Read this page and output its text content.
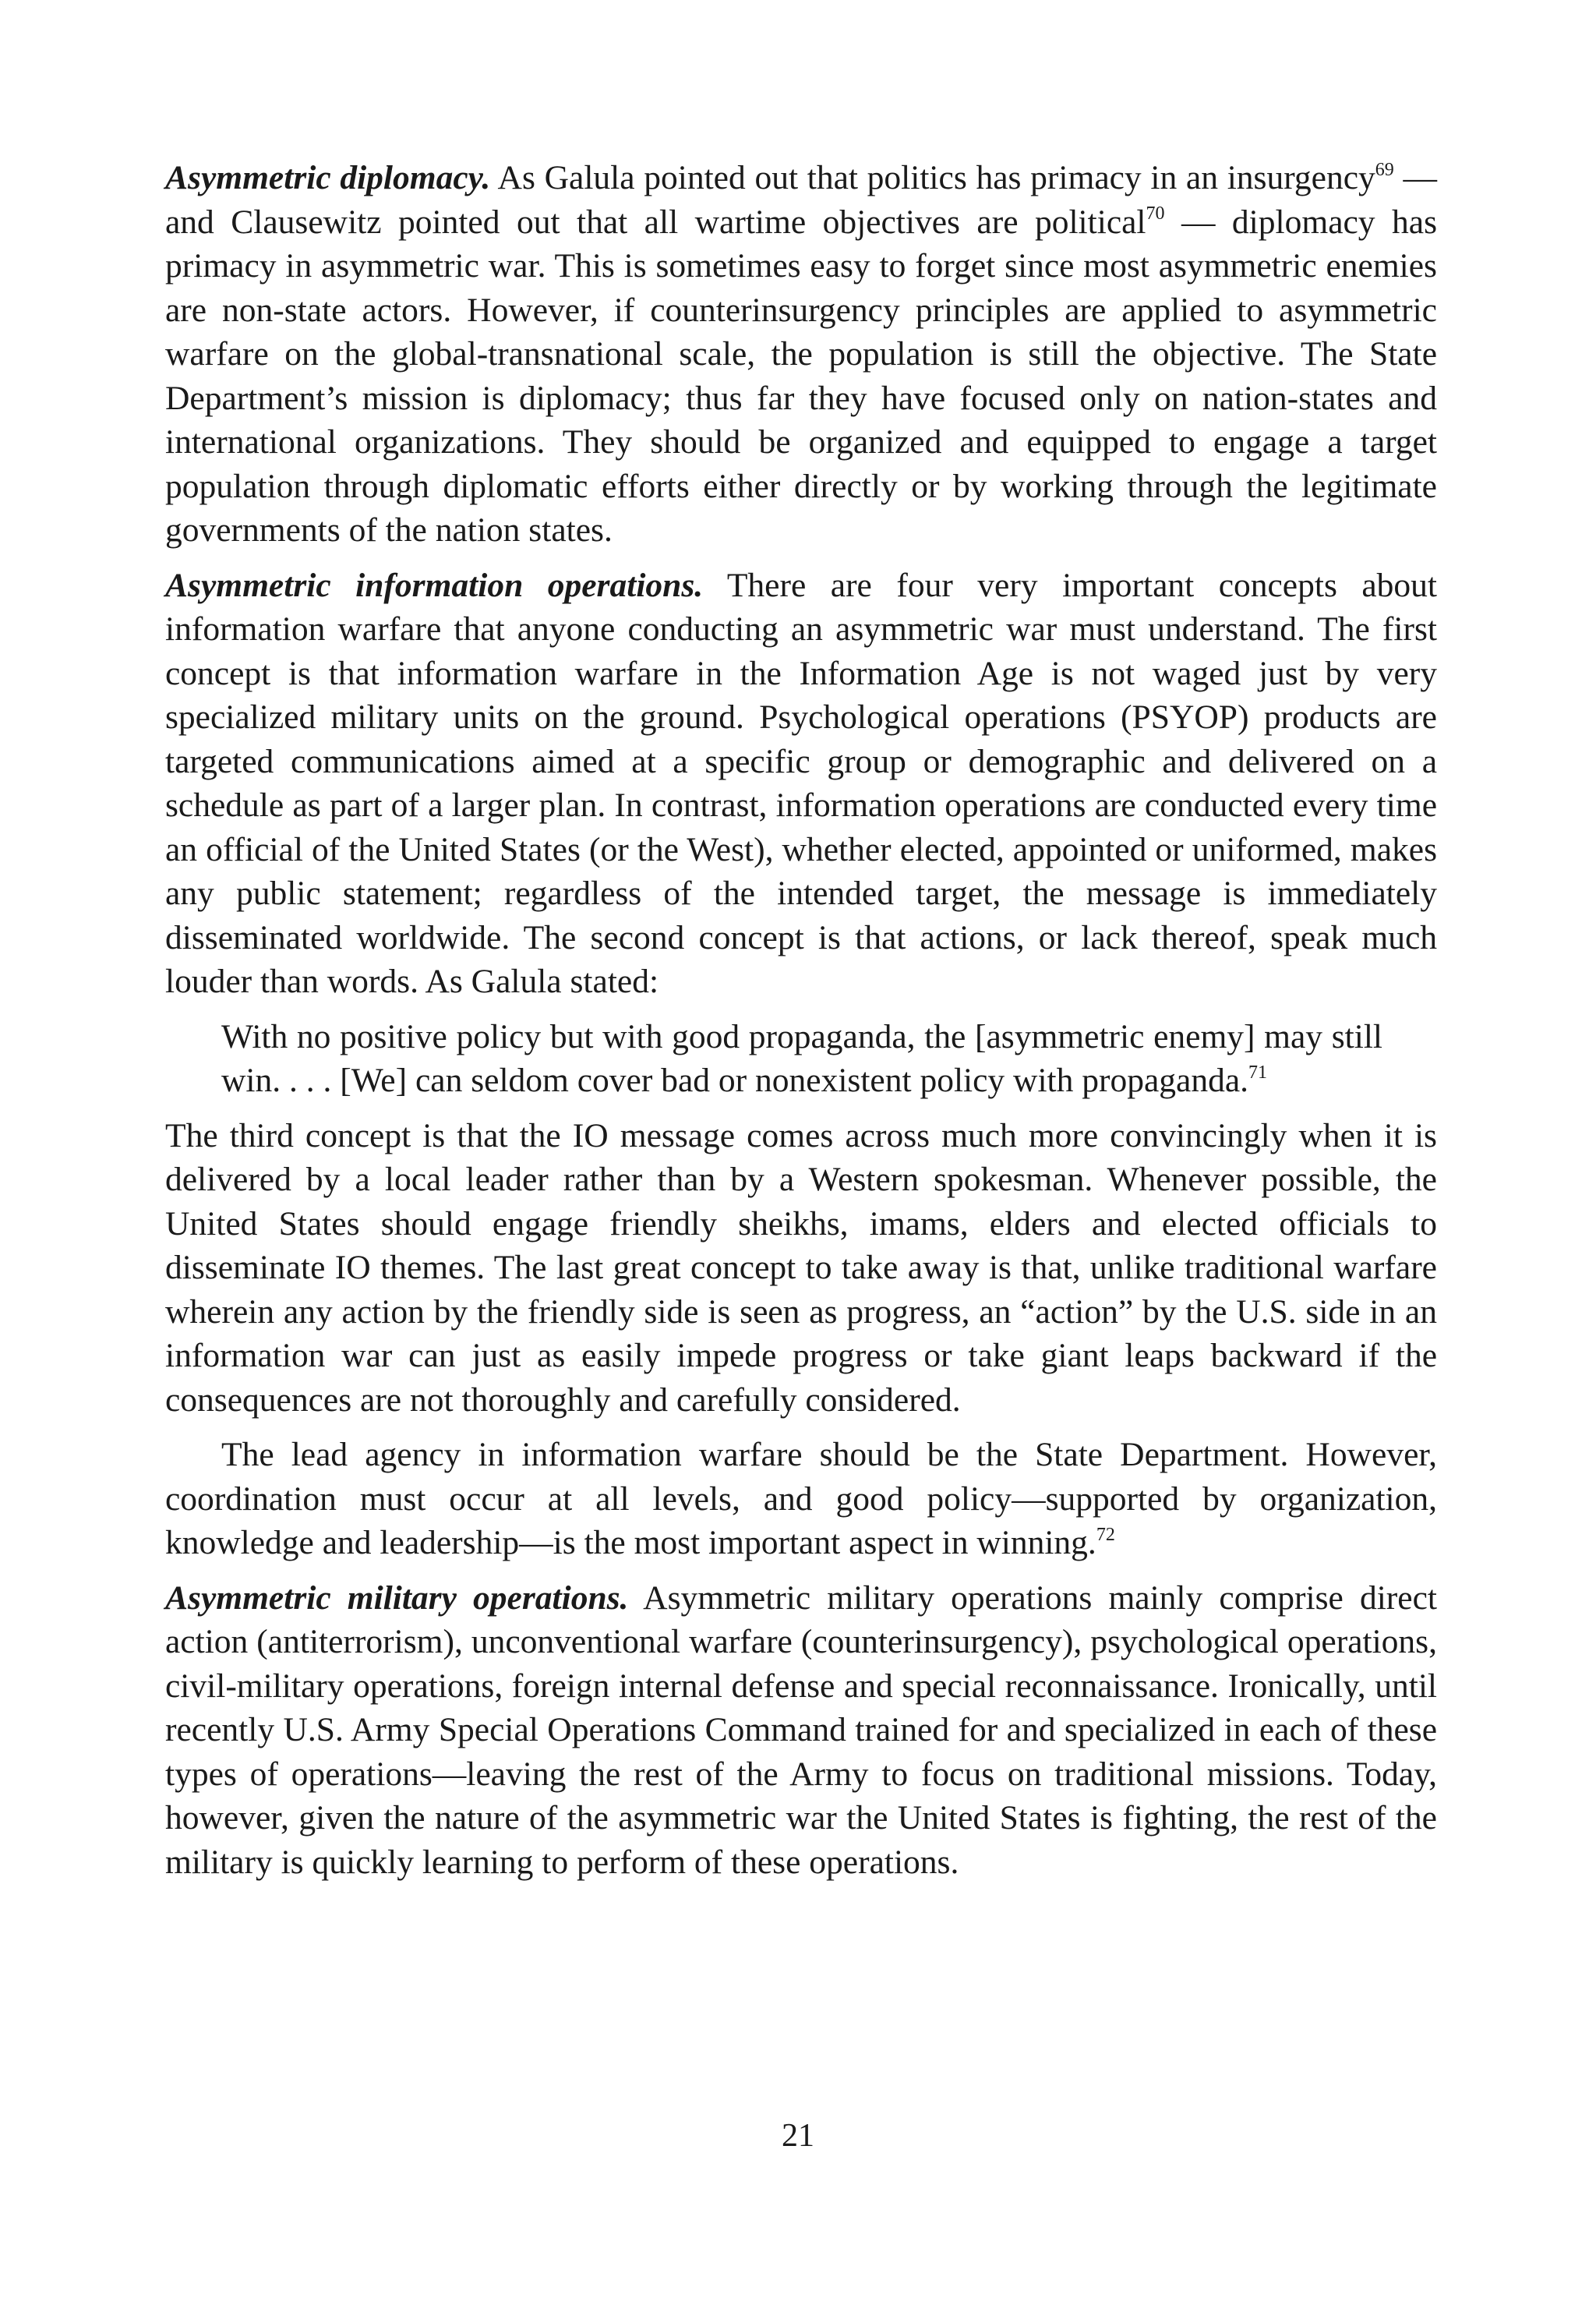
Asymmetric diplomacy. As Galula pointed out that politics has primacy in an insurgency$^{69}$ —and Clausewitz pointed out that all wartime objectives are political$^{70}$ — diplomacy has primacy in asymmetric war. This is sometimes easy to forget since most asymmetric enemies are non-state actors. However, if counterinsurgency principles are applied to asymmetric warfare on the global-transnational scale, the population is still the objective. The State Department’s mission is diplomacy; thus far they have focused only on nation-states and international organizations. They should be organized and equipped to engage a target population through diplomatic efforts either directly or by working through the legitimate governments of the nation states.

Asymmetric information operations. There are four very important concepts about information warfare that anyone conducting an asymmetric war must understand. The first concept is that information warfare in the Information Age is not waged just by very specialized military units on the ground. Psychological operations (PSYOP) products are targeted communications aimed at a specific group or demographic and delivered on a schedule as part of a larger plan. In contrast, information operations are conducted every time an official of the United States (or the West), whether elected, appointed or uniformed, makes any public statement; regardless of the intended target, the message is immediately disseminated worldwide. The second concept is that actions, or lack thereof, speak much louder than words. As Galula stated:

With no positive policy but with good propaganda, the [asymmetric enemy] may still win. . . . [We] can seldom cover bad or nonexistent policy with propaganda.$^{71}$

The third concept is that the IO message comes across much more convincingly when it is delivered by a local leader rather than by a Western spokesman. Whenever possible, the United States should engage friendly sheikhs, imams, elders and elected officials to disseminate IO themes. The last great concept to take away is that, unlike traditional warfare wherein any action by the friendly side is seen as progress, an “action” by the U.S. side in an information war can just as easily impede progress or take giant leaps backward if the consequences are not thoroughly and carefully considered.

The lead agency in information warfare should be the State Department. However, coordination must occur at all levels, and good policy—supported by organization, knowledge and leadership—is the most important aspect in winning.$^{72}$

Asymmetric military operations. Asymmetric military operations mainly comprise direct action (antiterrorism), unconventional warfare (counterinsurgency), psychological operations, civil-military operations, foreign internal defense and special reconnaissance. Ironically, until recently U.S. Army Special Operations Command trained for and specialized in each of these types of operations—leaving the rest of the Army to focus on traditional missions. Today, however, given the nature of the asymmetric war the United States is fighting, the rest of the military is quickly learning to perform of these operations.

21
